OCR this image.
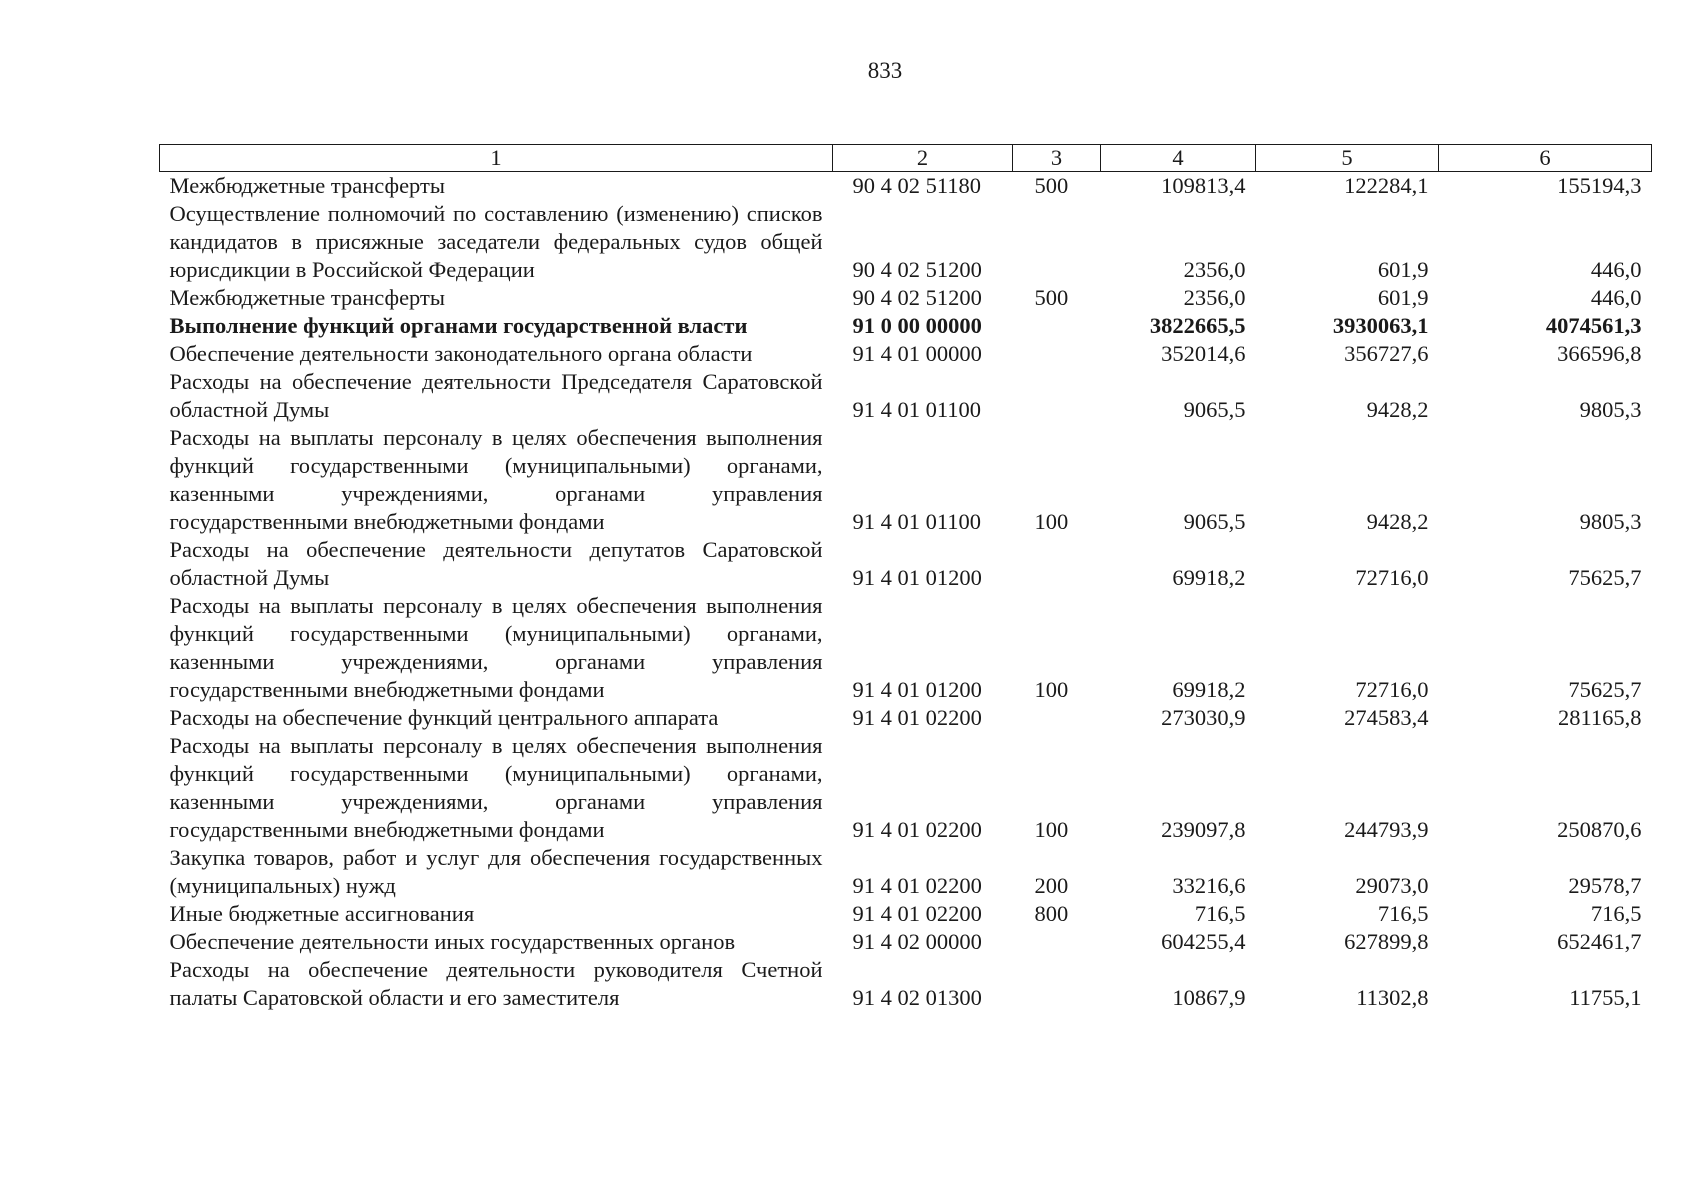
833
1	2	3	4	5	6
Межбюджетные трансферты	90 4 02 51180	500	109813,4	122284,1	155194,3
Осуществление полномочий по составлению (изменению) списков кандидатов в присяжные заседатели федеральных судов общей юрисдикции в Российской Федерации	90 4 02 51200		2356,0	601,9	446,0
Межбюджетные трансферты	90 4 02 51200	500	2356,0	601,9	446,0
Выполнение функций органами государственной власти	91 0 00 00000		3822665,5	3930063,1	4074561,3
Обеспечение деятельности законодательного органа области	91 4 01 00000		352014,6	356727,6	366596,8
Расходы на обеспечение деятельности Председателя Саратовской областной Думы	91 4 01 01100		9065,5	9428,2	9805,3
Расходы на выплаты персоналу в целях обеспечения выполнения функций государственными (муниципальными) органами, казенными учреждениями, органами управления государственными внебюджетными фондами	91 4 01 01100	100	9065,5	9428,2	9805,3
Расходы на обеспечение деятельности депутатов Саратовской областной Думы	91 4 01 01200		69918,2	72716,0	75625,7
Расходы на выплаты персоналу в целях обеспечения выполнения функций государственными (муниципальными) органами, казенными учреждениями, органами управления государственными внебюджетными фондами	91 4 01 01200	100	69918,2	72716,0	75625,7
Расходы на обеспечение функций центрального аппарата	91 4 01 02200		273030,9	274583,4	281165,8
Расходы на выплаты персоналу в целях обеспечения выполнения функций государственными (муниципальными) органами, казенными учреждениями, органами управления государственными внебюджетными фондами	91 4 01 02200	100	239097,8	244793,9	250870,6
Закупка товаров, работ и услуг для обеспечения государственных (муниципальных) нужд	91 4 01 02200	200	33216,6	29073,0	29578,7
Иные бюджетные ассигнования	91 4 01 02200	800	716,5	716,5	716,5
Обеспечение деятельности иных государственных органов	91 4 02 00000		604255,4	627899,8	652461,7
Расходы на обеспечение деятельности руководителя Счетной палаты Саратовской области и его заместителя	91 4 02 01300		10867,9	11302,8	11755,1
